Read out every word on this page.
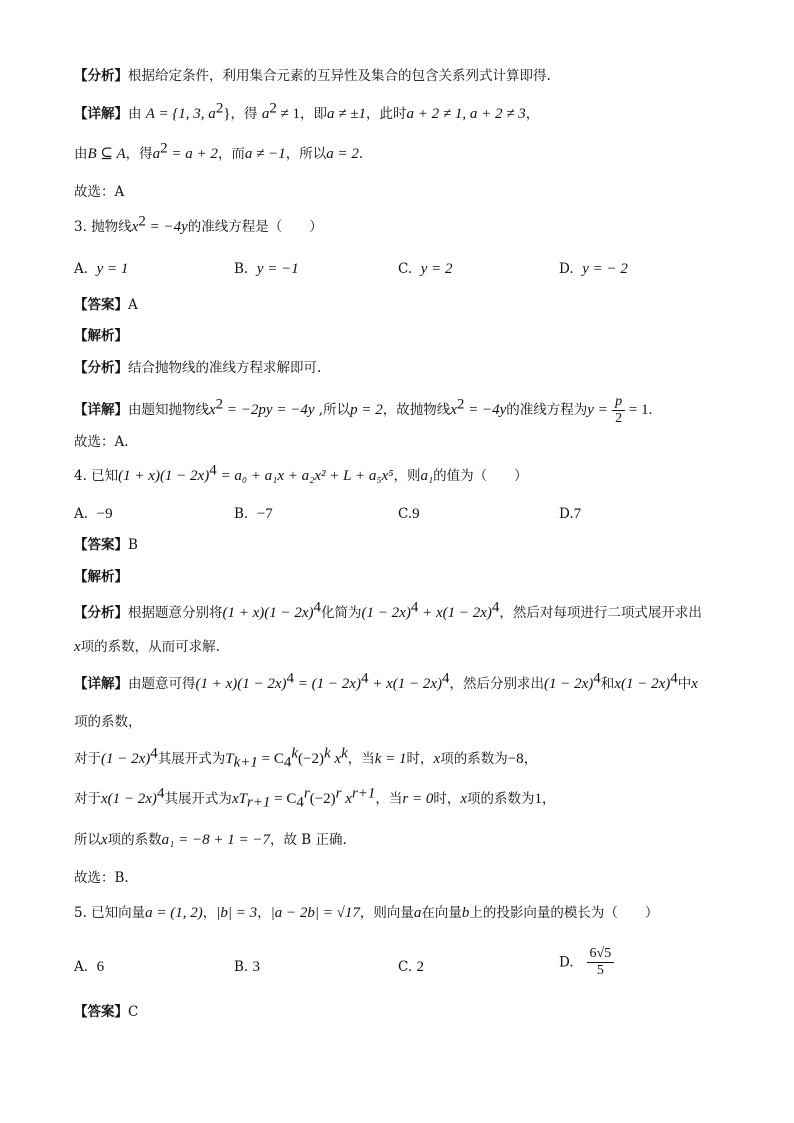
【分析】根据给定条件，利用集合元素的互异性及集合的包含关系列式计算即得.
【详解】由 A = {1, 3, $a^2$}，得 $a^2 \ne 1$，即a ≠ ±1，此时a + 2 ≠ 1, a + 2 ≠ 3，
由B ⊆ A，得$a^2 = a + 2$，而a ≠ −1，所以a = 2.
故选：A
3. 抛物线$x^2 = -4y$的准线方程是（　　）
A. y = 1	B. y = −1	C. y = 2	D. y = − 2
【答案】A
【解析】
【分析】结合抛物线的准线方程求解即可.
【详解】由题知抛物线$x^2 = -2py = -4y$ ,所以p = 2，故抛物线$x^2 = -4y$的准线方程为$y = \frac{p}{2} = 1$.
故选：A.
4. 已知$(1 + x)(1 - 2x)^4 = a_0 + a_1x + a_2x^2 + L + a_5x^5$，则a₁的值为（　　）
A. −9	B. −7	C.9	D.7
【答案】B
【解析】
【分析】根据题意分别将$(1 + x)(1 - 2x)^4$化简为$(1 - 2x)^4 + x(1 - 2x)^4$，然后对每项进行二项式展开求出
x项的系数，从而可求解.
【详解】由题意可得$(1 + x)(1 - 2x)^4 = (1 - 2x)^4 + x(1 - 2x)^4$，然后分别求出$(1 - 2x)^4$和$x(1 - 2x)^4$中x
项的系数，
对于$(1 - 2x)^4$其展开式为$T_{k+1} = C_4^k(-2)^k$ $x^k$，当k = 1时，x项的系数为−8，
对于$x(1 - 2x)^4$其展开式为$xT_{r+1} = C_4^r(-2)^r$ $x^{r+1}$，当r = 0时，x项的系数为1，
所以x项的系数a₁ = −8 + 1 = −7，故 B 正确.
故选：B.
5. 已知向量a = (1, 2)，|b| = 3，|a − 2b| = √17，则向量a在向量b上的投影向量的模长为（　　）
A. 6	B. 3	C. 2	D. $\frac{6√5}{5}$
【答案】C
